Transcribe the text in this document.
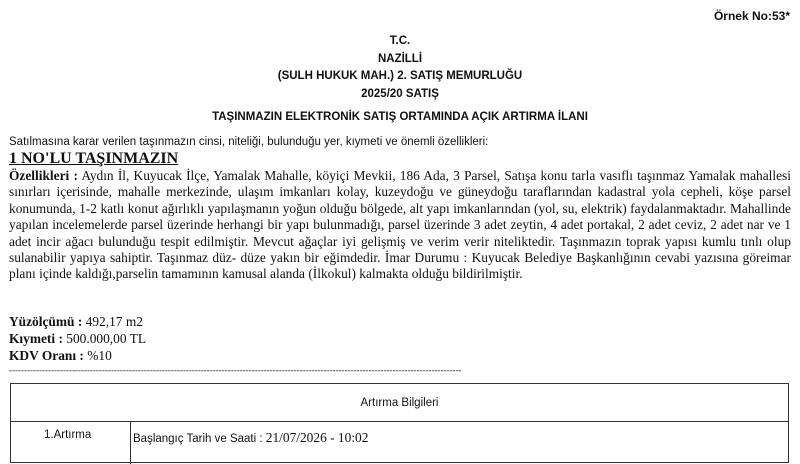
Örnek No:53*
T.C.
NAZİLLİ
(SULH HUKUK MAH.) 2. SATIŞ MEMURLUĞU
2025/20 SATIŞ
TAŞINMAZIN ELEKTRONİK SATIŞ ORTAMINDA AÇIK ARTIRMA İLANI
Satılmasına karar verilen taşınmazın cinsi, niteliği, bulunduğu yer, kıymeti ve önemli özellikleri:
1 NO'LU TAŞINMAZIN
Özellikleri : Aydın İl, Kuyucak İlçe, Yamalak Mahalle, köyiçi Mevkii, 186 Ada, 3 Parsel, Satışa konu tarla vasıflı taşınmaz Yamalak mahallesi sınırları içerisinde, mahalle merkezinde, ulaşım imkanları kolay, kuzeydoğu ve güneydoğu taraflarından kadastral yola cepheli, köşe parsel konumunda, 1-2 katlı konut ağırlıklı yapılaşmanın yoğun olduğu bölgede, alt yapı imkanlarından (yol, su, elektrik) faydalanmaktadır. Mahallinde yapılan incelemelerde parsel üzerinde herhangi bir yapı bulunmadığı, parsel üzerinde 3 adet zeytin, 4 adet portakal, 2 adet ceviz, 2 adet nar ve 1 adet incir ağacı bulunduğu tespit edilmiştir. Mevcut ağaçlar iyi gelişmiş ve verim verir niteliktedir. Taşınmazın toprak yapısı kumlu tınlı olup sulanabilir yapıya sahiptir. Taşınmaz düz- düze yakın bir eğimdedir. İmar Durumu : Kuyucak Belediye Başkanlığının cevabi yazısına göreimar planı içinde kaldığı,parselin tamamının kamusal alanda (İlkokul) kalmakta olduğu bildirilmiştir.
Yüzölçümü : 492,17 m2
Kıymeti : 500.000,00 TL
KDV Oranı : %10
-------------------------------------------------------------------------------------------------------------------------------------------------------
Artırma Bilgileri
1.Artırma	Başlangıç Tarih ve Saati : 21/07/2026 - 10:02
